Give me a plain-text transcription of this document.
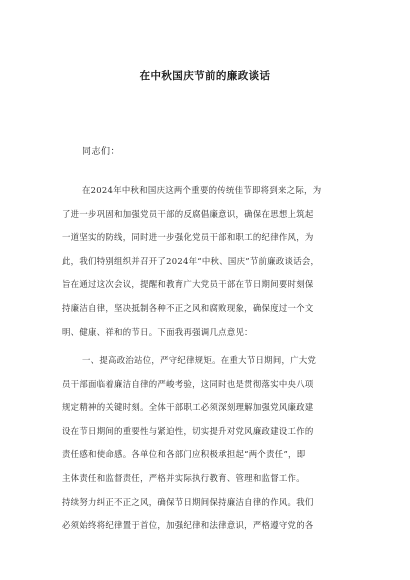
在中秋国庆节前的廉政谈话
同志们：
在2024年中秋和国庆这两个重要的传统佳节即将到来之际，为
了进一步巩固和加强党员干部的反腐倡廉意识，确保在思想上筑起
一道坚实的防线，同时进一步强化党员干部和职工的纪律作风，为
此，我们特别组织并召开了2024年“中秋、国庆”节前廉政谈话会，
旨在通过这次会议，提醒和教育广大党员干部在节日期间要时刻保
持廉洁自律，坚决抵制各种不正之风和腐败现象，确保度过一个文
明、健康、祥和的节日。下面我再强调几点意见：
一、提高政治站位，严守纪律规矩。在重大节日期间，广大党
员干部面临着廉洁自律的严峻考验，这同时也是贯彻落实中央八项
规定精神的关键时刻。全体干部职工必须深刻理解加强党风廉政建
设在节日期间的重要性与紧迫性，切实提升对党风廉政建设工作的
责任感和使命感。各单位和各部门应积极承担起“两个责任”，即
主体责任和监督责任，严格并实际执行教育、管理和监督工作。
持续努力纠正不正之风，确保节日期间保持廉洁自律的作风。我们
必须始终将纪律置于首位，加强纪律和法律意识，严格遵守党的各
